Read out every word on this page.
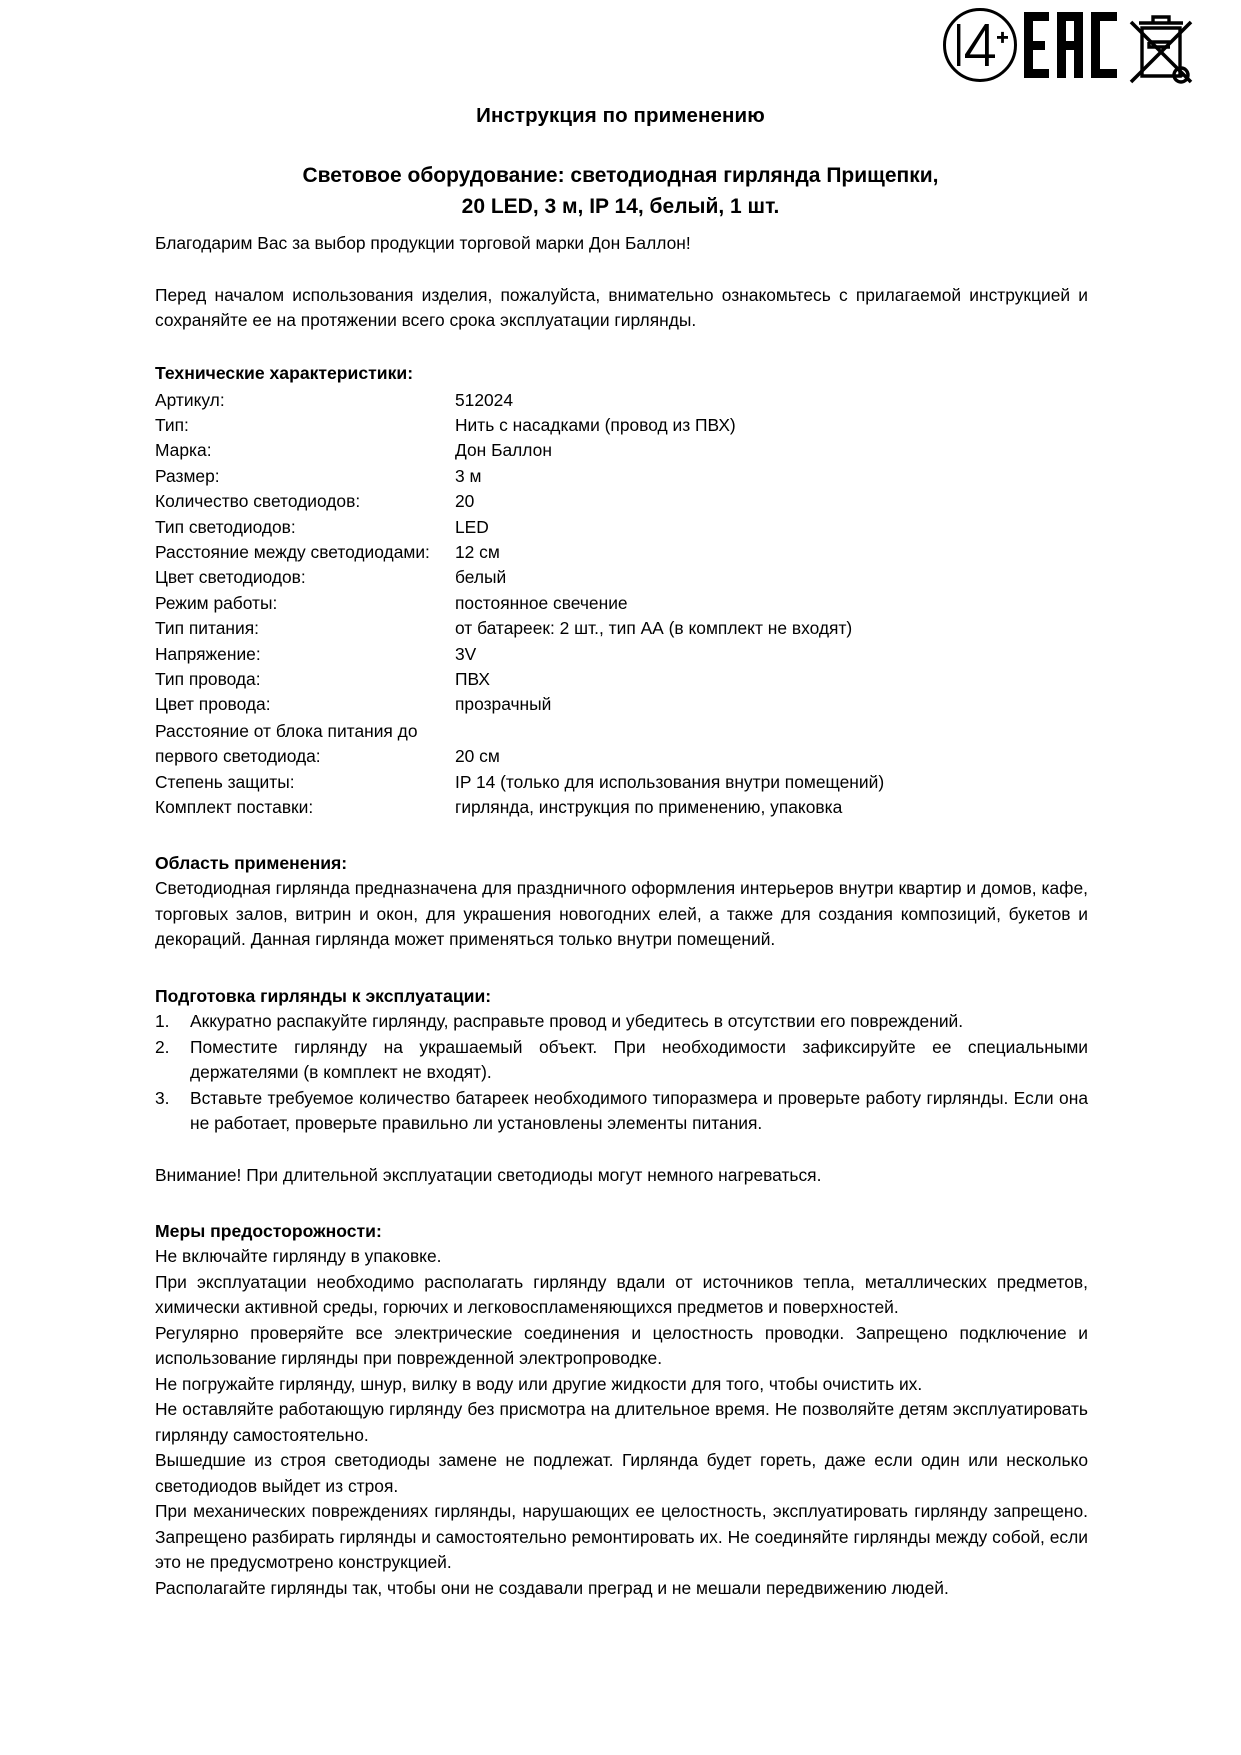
Инструкция по применению
Световое оборудование: светодиодная гирлянда Прищепки,
20 LED, 3 м, IP 14, белый, 1 шт.

Благодарим Вас за выбор продукции торговой марки Дон Баллон!

Перед началом использования изделия, пожалуйста, внимательно ознакомьтесь с прилагаемой инструкцией и сохраняйте ее на протяжении всего срока эксплуатации гирлянды.

Технические характеристики:
Артикул:	512024
Тип:	Нить с насадками (провод из ПВХ)
Марка:	Дон Баллон
Размер:	3 м
Количество светодиодов:	20
Тип светодиодов:	LED
Расстояние между светодиодами:	12 см
Цвет светодиодов:	белый
Режим работы:	постоянное свечение
Тип питания:	от батареек: 2 шт., тип АА (в комплект не входят)
Напряжение:	3V
Тип провода:	ПВХ
Цвет провода:	прозрачный
Расстояние от блока питания до первого светодиода:	20 см
Степень защиты:	IP 14 (только для использования внутри помещений)
Комплект поставки:	гирлянда, инструкция по применению, упаковка
Область применения:

Светодиодная гирлянда предназначена для праздничного оформления интерьеров внутри квартир и домов, кафе, торговых залов, витрин и окон, для украшения новогодних елей, а также для создания композиций, букетов и декораций. Данная гирлянда может применяться только внутри помещений.

Подготовка гирлянды к эксплуатации:
Аккуратно распакуйте гирлянду, расправьте провод и убедитесь в отсутствии его повреждений.
Поместите гирлянду на украшаемый объект. При необходимости зафиксируйте ее специальными держателями (в комплект не входят).
Вставьте требуемое количество батареек необходимого типоразмера и проверьте работу гирлянды. Если она не работает, проверьте правильно ли установлены элементы питания.

Внимание! При длительной эксплуатации светодиоды могут немного нагреваться.

Меры предосторожности:

Не включайте гирлянду в упаковке.

При эксплуатации необходимо располагать гирлянду вдали от источников тепла, металлических предметов, химически активной среды, горючих и легковоспламеняющихся предметов и поверхностей.

Регулярно проверяйте все электрические соединения и целостность проводки. Запрещено подключение и использование гирлянды при поврежденной электропроводке.

Не погружайте гирлянду, шнур, вилку в воду или другие жидкости для того, чтобы очистить их.

Не оставляйте работающую гирлянду без присмотра на длительное время. Не позволяйте детям эксплуатировать гирлянду самостоятельно.

Вышедшие из строя светодиоды замене не подлежат. Гирлянда будет гореть, даже если один или несколько светодиодов выйдет из строя.

При механических повреждениях гирлянды, нарушающих ее целостность, эксплуатировать гирлянду запрещено. Запрещено разбирать гирлянды и самостоятельно ремонтировать их. Не соединяйте гирлянды между собой, если это не предусмотрено конструкцией.

Располагайте гирлянды так, чтобы они не создавали преград и не мешали передвижению людей.
